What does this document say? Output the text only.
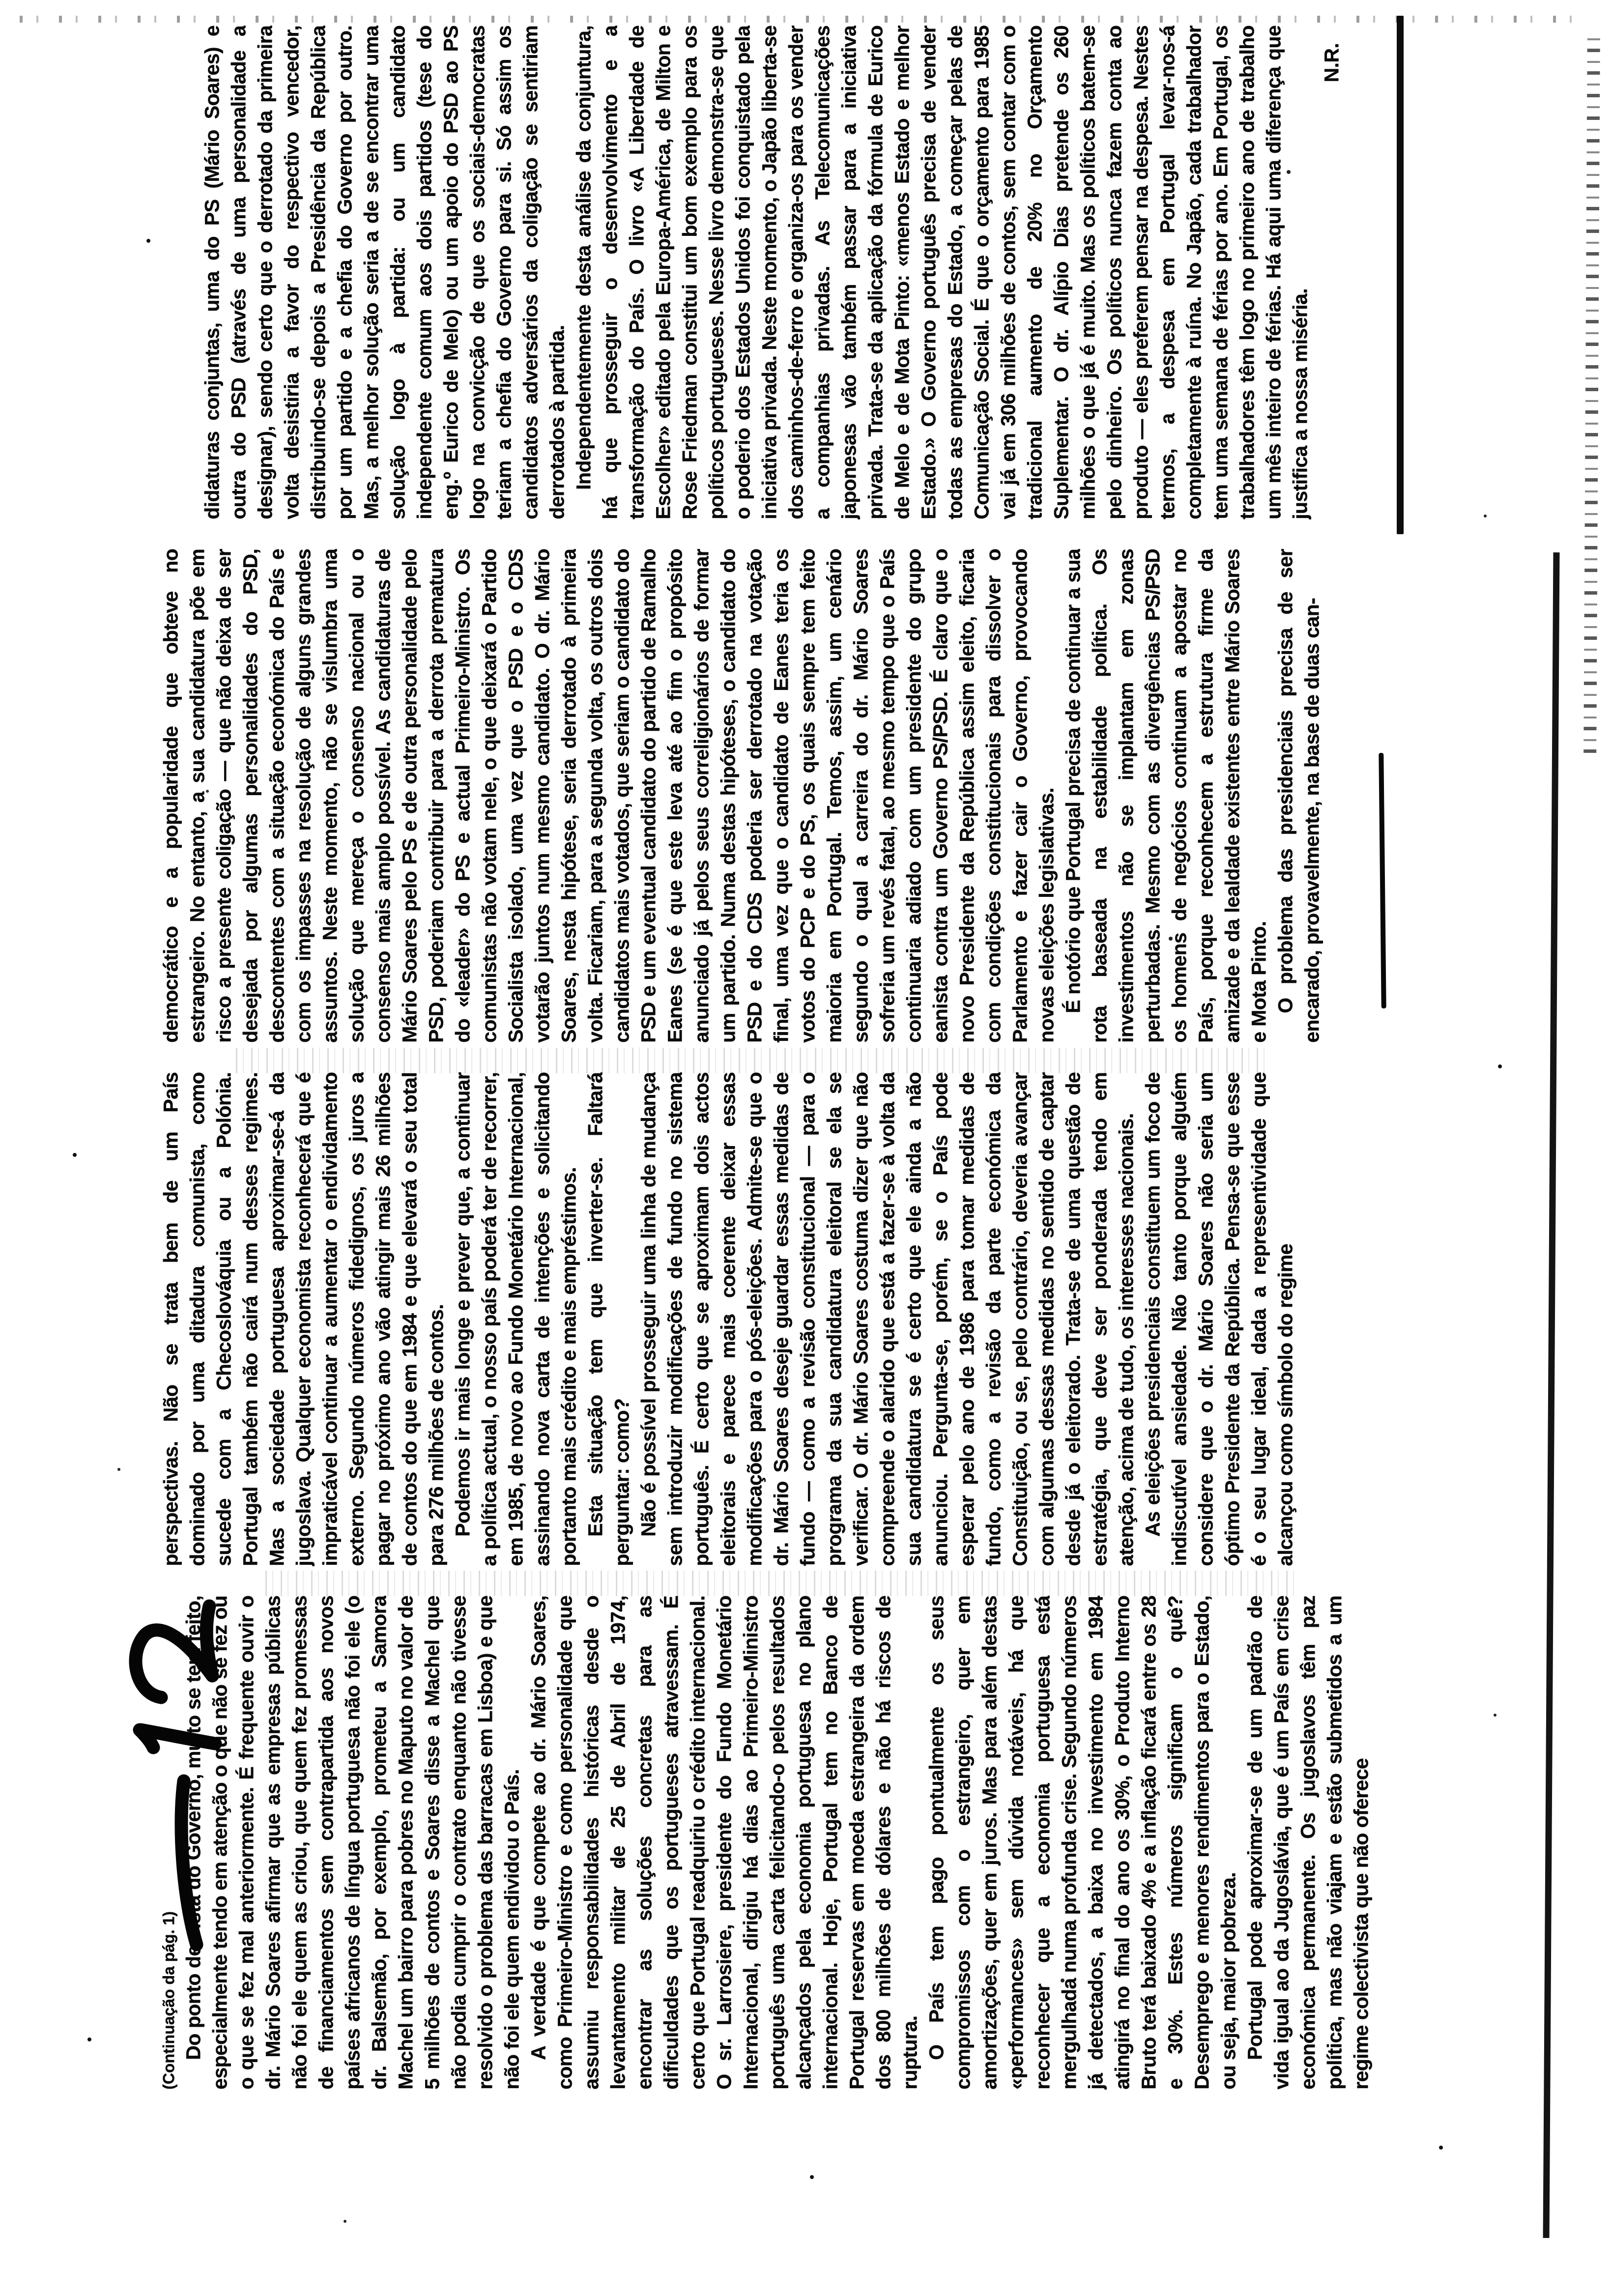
(Continuação da pág. 1) Do ponto de vista do Governo, muito se tem feito, especialmente tendo em atenção o que não se fez ou o que se fez mal anteriormente. É frequente ouvir o dr. Mário Soares afirmar que as empresas públicas não foi ele quem as criou, que quem fez promessas de financiamentos sem contrapartida aos novos países africanos de língua portuguesa não foi ele (o dr. Balsemão, por exemplo, prometeu a Samora Machel um bairro para pobres no Maputo no valor de 5 milhões de contos e Soares disse a Machel que não podia cumprir o contrato enquanto não tivesse resolvido o problema das barracas em Lisboa) e que não foi ele quem endividou o País. A verdade é que compete ao dr. Mário Soares, como Primeiro-Ministro e como personalidade que assumiu responsabilidades históricas desde o levantamento militar de 25 de Abril de 1974, encontrar as soluções concretas para as dificuldades que os portugueses atravessam. É certo que Portugal readquiriu o crédito internacional. O sr. Larrosiere, presidente do Fundo Monetário Internacional, dirigiu há dias ao Primeiro-Ministro português uma carta felicitando-o pelos resultados alcançados pela economia portuguesa no plano internacional. Hoje, Portugal tem no Banco de Portugal reservas em moeda estrangeira da ordem dos 800 milhões de dólares e não há riscos de ruptura. O País tem pago pontualmente os seus compromissos com o estrangeiro, quer em amortizações, quer em juros. Mas para além destas «performances» sem dúvida notáveis, há que reconhecer que a economia portuguesa está mergulhada numa profunda crise. Segundo números já detectados, a baixa no investimento em 1984 atingirá no final do ano os 30%, o Produto Interno Bruto terá baixado 4% e a inflação ficará entre os 28 e 30%. Estes números significam o quê? Desemprego e menores rendimentos para o Estado, ou seja, maior pobreza. Portugal pode aproximar-se de um padrão de vida igual ao da Jugoslávia, que é um País em crise económica permanente. Os jugoslavos têm paz política, mas não viajam e estão submetidos a um regime colectivista que não oferece

perspectivas. Não se trata bem de um País dominado por uma ditadura comunista, como sucede com a Checoslováquia ou a Polónia. Portugal também não cairá num desses regimes. Mas a sociedade portuguesa aproximar-se-á da jugoslava. Qualquer economista reconhecerá que é impraticável continuar a aumentar o endividamento externo. Segundo números fidedignos, os juros a pagar no próximo ano vão atingir mais 26 milhões de contos do que em 1984 e que elevará o seu total para 276 milhões de contos. Podemos ir mais longe e prever que, a continuar a política actual, o nosso país poderá ter de recorrer, em 1985, de novo ao Fundo Monetário Internacional, assinando nova carta de intenções e solicitando portanto mais crédito e mais empréstimos. Esta situação tem que inverter-se. Faltará perguntar: como? Não é possível prosseguir uma linha de mudança sem introduzir modificações de fundo no sistema português. É certo que se aproximam dois actos eleitorais e parece mais coerente deixar essas modificações para o pós-eleições. Admite-se que o dr. Mário Soares deseje guardar essas medidas de fundo — como a revisão constitucional — para o programa da sua candidatura eleitoral se ela se verificar. O dr. Mário Soares costuma dizer que não compreende o alarido que está a fazer-se à volta da sua candidatura se é certo que ele ainda a não anunciou. Pergunta-se, porém, se o País pode esperar pelo ano de 1986 para tomar medidas de fundo, como a revisão da parte económica da Constituição, ou se, pelo contrário, deveria avançar com algumas dessas medidas no sentido de captar desde já o eleitorado. Trata-se de uma questão de estratégia, que deve ser ponderada tendo em atenção, acima de tudo, os interesses nacionais. As eleições presidenciais constituem um foco de indiscutível ansiedade. Não tanto porque alguém considere que o dr. Mário Soares não seria um óptimo Presidente da República. Pensa-se que esse é o seu lugar ideal, dada a representividade que alcançou como símbolo do regime

democrático e a popularidade que obteve no estrangeiro. No entanto, a sua candidatura põe em risco a presente coligação — que não deixa de ser desejada por algumas personalidades do PSD, descontentes com a situação económica do País e com os impasses na resolução de alguns grandes assuntos. Neste momento, não se vislumbra uma solução que mereça o consenso nacional ou o consenso mais amplo possível. As candidaturas de Mário Soares pelo PS e de outra personalidade pelo PSD, poderiam contribuir para a derrota prematura do «leader» do PS e actual Primeiro-Ministro. Os comunistas não votam nele, o que deixará o Partido Socialista isolado, uma vez que o PSD e o CDS votarão juntos num mesmo candidato. O dr. Mário Soares, nesta hipótese, seria derrotado à primeira volta. Ficariam, para a segunda volta, os outros dois candidatos mais votados, que seriam o candidato do PSD e um eventual candidato do partido de Ramalho Eanes (se é que este leva até ao fim o propósito anunciado já pelos seus correligionários de formar um partido. Numa destas hipóteses, o candidato do PSD e do CDS poderia ser derrotado na votação final, uma vez que o candidato de Eanes teria os votos do PCP e do PS, os quais sempre tem feito maioria em Portugal. Temos, assim, um cenário segundo o qual a carreira do dr. Mário Soares sofreria um revés fatal, ao mesmo tempo que o País continuaria adiado com um presidente do grupo eanista contra um Governo PS/PSD. É claro que o novo Presidente da República assim eleito, ficaria com condições constitucionais para dissolver o Parlamento e fazer cair o Governo, provocando novas eleições legislativas. É notório que Portugal precisa de continuar a sua rota baseada na estabilidade política. Os investimentos não se implantam em zonas perturbadas. Mesmo com as divergências PS/PSD os homens de negócios continuam a apostar no País, porque reconhecem a estrutura firme da amizade e da lealdade existentes entre Mário Soares e Mota Pinto. O problema das presidenciais precisa de ser encarado, provavelmente, na base de duas can-

didaturas conjuntas, uma do PS (Mário Soares) e outra do PSD (através de uma personalidade a designar), sendo certo que o derrotado da primeira volta desistiria a favor do respectivo vencedor, distribuindo-se depois a Presidência da República por um partido e a chefia do Governo por outro. Mas, a melhor solução seria a de se encontrar uma solução logo à partida: ou um candidato independente comum aos dois partidos (tese do eng.º Eurico de Melo) ou um apoio do PSD ao PS logo na convicção de que os sociais-democratas teriam a chefia do Governo para si. Só assim os candidatos adversários da coligação se sentiriam derrotados à partida. Independentemente desta análise da conjuntura, há que prosseguir o desenvolvimento e a transformação do País. O livro «A Liberdade de Escolher» editado pela Europa-América, de Milton e Rose Friedman constitui um bom exemplo para os políticos portugueses. Nesse livro demonstra-se que o poderio dos Estados Unidos foi conquistado pela iniciativa privada. Neste momento, o Japão liberta-se dos caminhos-de-ferro e organiza-os para os vender a companhias privadas. As Telecomunicações japonesas vão também passar para a iniciativa privada. Trata-se da aplicação da fórmula de Eurico de Melo e de Mota Pinto: «menos Estado e melhor Estado.» O Governo português precisa de vender todas as empresas do Estado, a começar pelas de Comunicação Social. É que o orçamento para 1985 vai já em 306 milhões de contos, sem contar com o tradicional aumento de 20% no Orçamento Suplementar. O dr. Alípio Dias pretende os 260 milhões o que já é muito. Mas os políticos batem-se pelo dinheiro. Os políticos nunca fazem conta ao produto — eles preferem pensar na despesa. Nestes termos, a despesa em Portugal levar-nos-á completamente à ruína. No Japão, cada trabalhador tem uma semana de férias por ano. Em Portugal, os trabalhadores têm logo no primeiro ano de trabalho um mês inteiro de férias. Há aqui uma diferença que justifica a nossa miséria.

N.R.
